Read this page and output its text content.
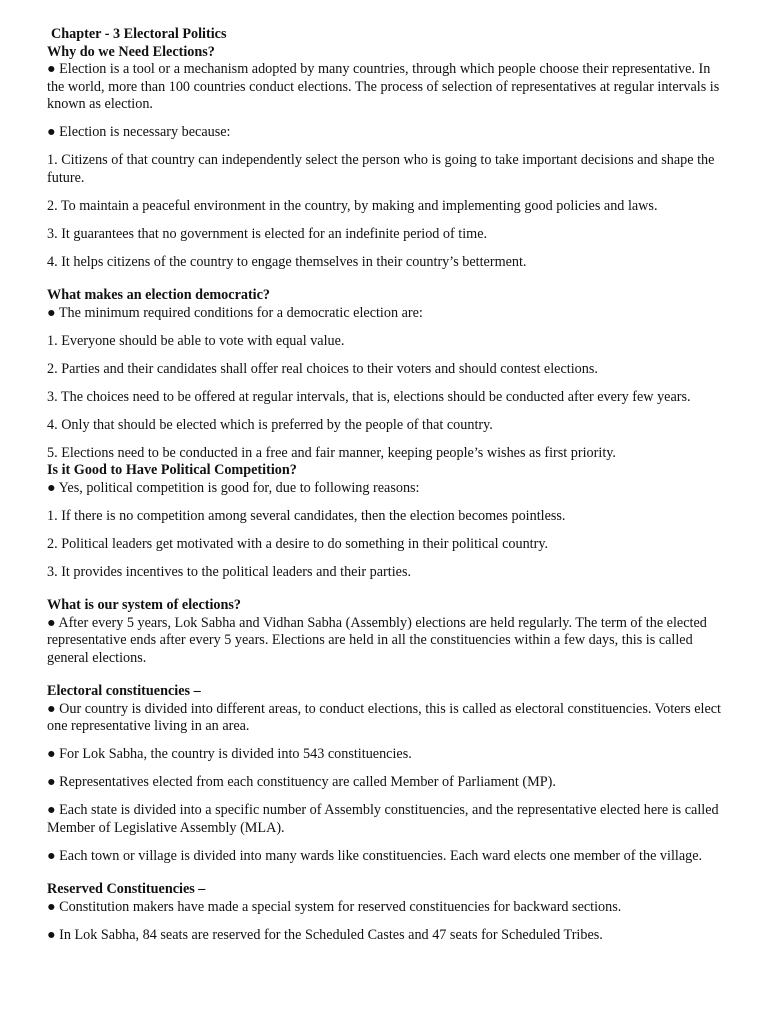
Chapter - 3 Electoral Politics

Why do we Need Elections?

● Election is a tool or a mechanism adopted by many countries, through which people choose their representative. In the world, more than 100 countries conduct elections. The process of selection of representatives at regular intervals is known as election.

● Election is necessary because:

1. Citizens of that country can independently select the person who is going to take important decisions and shape the future.

2. To maintain a peaceful environment in the country, by making and implementing good policies and laws.

3. It guarantees that no government is elected for an indefinite period of time.

4. It helps citizens of the country to engage themselves in their country’s betterment.

What makes an election democratic?

● The minimum required conditions for a democratic election are:

1. Everyone should be able to vote with equal value.

2. Parties and their candidates shall offer real choices to their voters and should contest elections.

3. The choices need to be offered at regular intervals, that is, elections should be conducted after every few years.

4. Only that should be elected which is preferred by the people of that country.

5. Elections need to be conducted in a free and fair manner, keeping people’s wishes as first priority.

Is it Good to Have Political Competition?

● Yes, political competition is good for, due to following reasons:

1. If there is no competition among several candidates, then the election becomes pointless.

2. Political leaders get motivated with a desire to do something in their political country.

3. It provides incentives to the political leaders and their parties.

What is our system of elections?

● After every 5 years, Lok Sabha and Vidhan Sabha (Assembly) elections are held regularly. The term of the elected representative ends after every 5 years. Elections are held in all the constituencies within a few days, this is called general elections.

Electoral constituencies –

● Our country is divided into different areas, to conduct elections, this is called as electoral constituencies. Voters elect one representative living in an area.

● For Lok Sabha, the country is divided into 543 constituencies.

● Representatives elected from each constituency are called Member of Parliament (MP).

● Each state is divided into a specific number of Assembly constituencies, and the representative elected here is called Member of Legislative Assembly (MLA).

● Each town or village is divided into many wards like constituencies. Each ward elects one member of the village.

Reserved Constituencies –

● Constitution makers have made a special system for reserved constituencies for backward sections.

● In Lok Sabha, 84 seats are reserved for the Scheduled Castes and 47 seats for Scheduled Tribes.
